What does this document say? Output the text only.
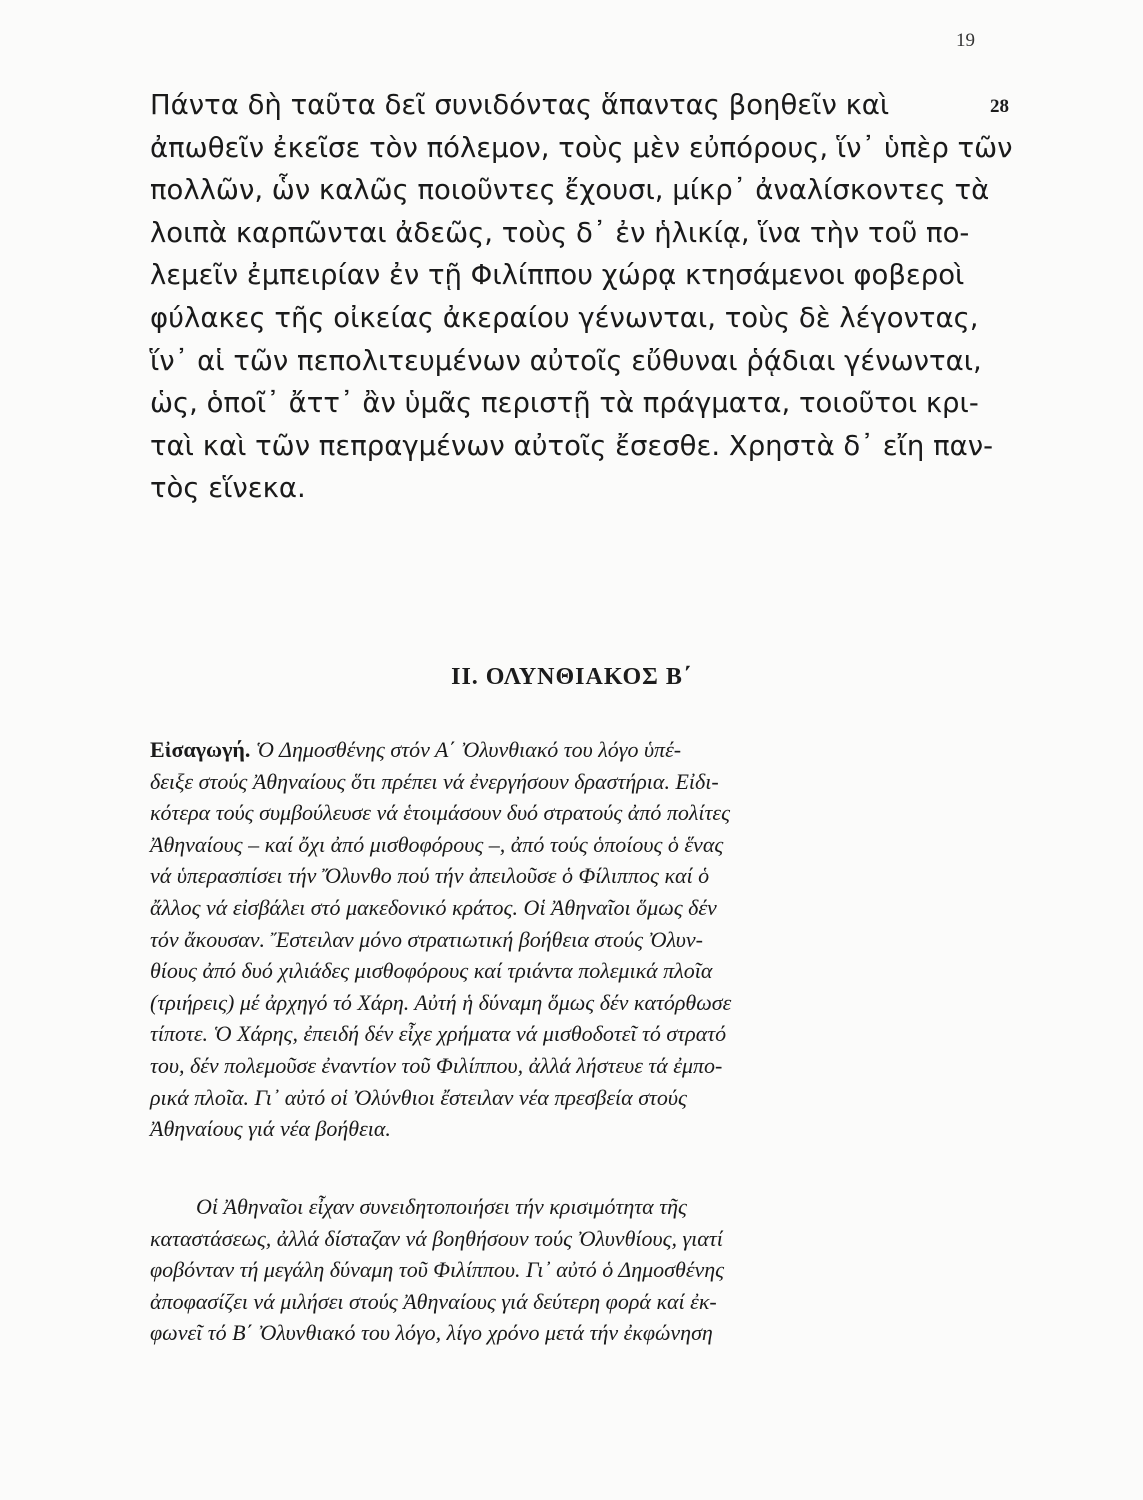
19
Πάντα δὴ ταῦτα δεῖ συνιδόντας ἅπαντας βοηθεῖν καὶ
ἀπωθεῖν ἐκεῖσε τὸν πόλεμον, τοὺς μὲν εὐπόρους, ἵν᾽ ὑπὲρ τῶν
πολλῶν, ὧν καλῶς ποιοῦντες ἔχουσι, μίκρ᾽ ἀναλίσκοντες τὰ
λοιπὰ καρπῶνται ἀδεῶς, τοὺς δ᾽ ἐν ἡλικίᾳ, ἵνα τὴν τοῦ πο-
λεμεῖν ἐμπειρίαν ἐν τῇ Φιλίππου χώρᾳ κτησάμενοι φοβεροὶ
φύλακες τῆς οἰκείας ἀκεραίου γένωνται, τοὺς δὲ λέγοντας,
ἵν᾽ αἱ τῶν πεπολιτευμένων αὐτοῖς εὔθυναι ῥᾴδιαι γένωνται,
ὡς, ὁποῖ᾽ ἄττ᾽ ἂν ὑμᾶς περιστῇ τὰ πράγματα, τοιοῦτοι κρι-
ταὶ καὶ τῶν πεπραγμένων αὐτοῖς ἔσεσθε. Χρηστὰ δ᾽ εἴη παν-
τὸς εἵνεκα.
28
II. ΟΛΥΝΘΙΑΚΟΣ Β΄
Εἰσαγωγή. Ὁ Δημοσθένης στόν Α΄ Ὀλυνθιακό του λόγο ὑπέ-
δειξε στούς Ἀθηναίους ὅτι πρέπει νά ἐνεργήσουν δραστήρια. Εἰδι-
κότερα τούς συμβούλευσε νά ἑτοιμάσουν δυό στρατούς ἀπό πολίτες
Ἀθηναίους – καί ὄχι ἀπό μισθοφόρους –, ἀπό τούς ὁποίους ὁ ἕνας
νά ὑπερασπίσει τήν Ὄλυνθο πού τήν ἀπειλοῦσε ὁ Φίλιππος καί ὁ
ἄλλος νά εἰσβάλει στό μακεδονικό κράτος. Οἱ Ἀθηναῖοι ὅμως δέν
τόν ἄκουσαν. Ἔστειλαν μόνο στρατιωτική βοήθεια στούς Ὀλυν-
θίους ἀπό δυό χιλιάδες μισθοφόρους καί τριάντα πολεμικά πλοῖα
(τριήρεις) μέ ἀρχηγό τό Χάρη. Αὐτή ἡ δύναμη ὅμως δέν κατόρθωσε
τίποτε. Ὁ Χάρης, ἐπειδή δέν εἶχε χρήματα νά μισθοδοτεῖ τό στρατό
του, δέν πολεμοῦσε ἐναντίον τοῦ Φιλίππου, ἀλλά λήστευε τά ἐμπο-
ρικά πλοῖα. Γι᾽ αὐτό οἱ Ὀλύνθιοι ἔστειλαν νέα πρεσβεία στούς
Ἀθηναίους γιά νέα βοήθεια.
Οἱ Ἀθηναῖοι εἶχαν συνειδητοποιήσει τήν κρισιμότητα τῆς
καταστάσεως, ἀλλά δίσταζαν νά βοηθήσουν τούς Ὀλυνθίους, γιατί
φοβόνταν τή μεγάλη δύναμη τοῦ Φιλίππου. Γι᾽ αὐτό ὁ Δημοσθένης
ἀποφασίζει νά μιλήσει στούς Ἀθηναίους γιά δεύτερη φορά καί ἐκ-
φωνεῖ τό Β΄ Ὀλυνθιακό του λόγο, λίγο χρόνο μετά τήν ἐκφώνηση
